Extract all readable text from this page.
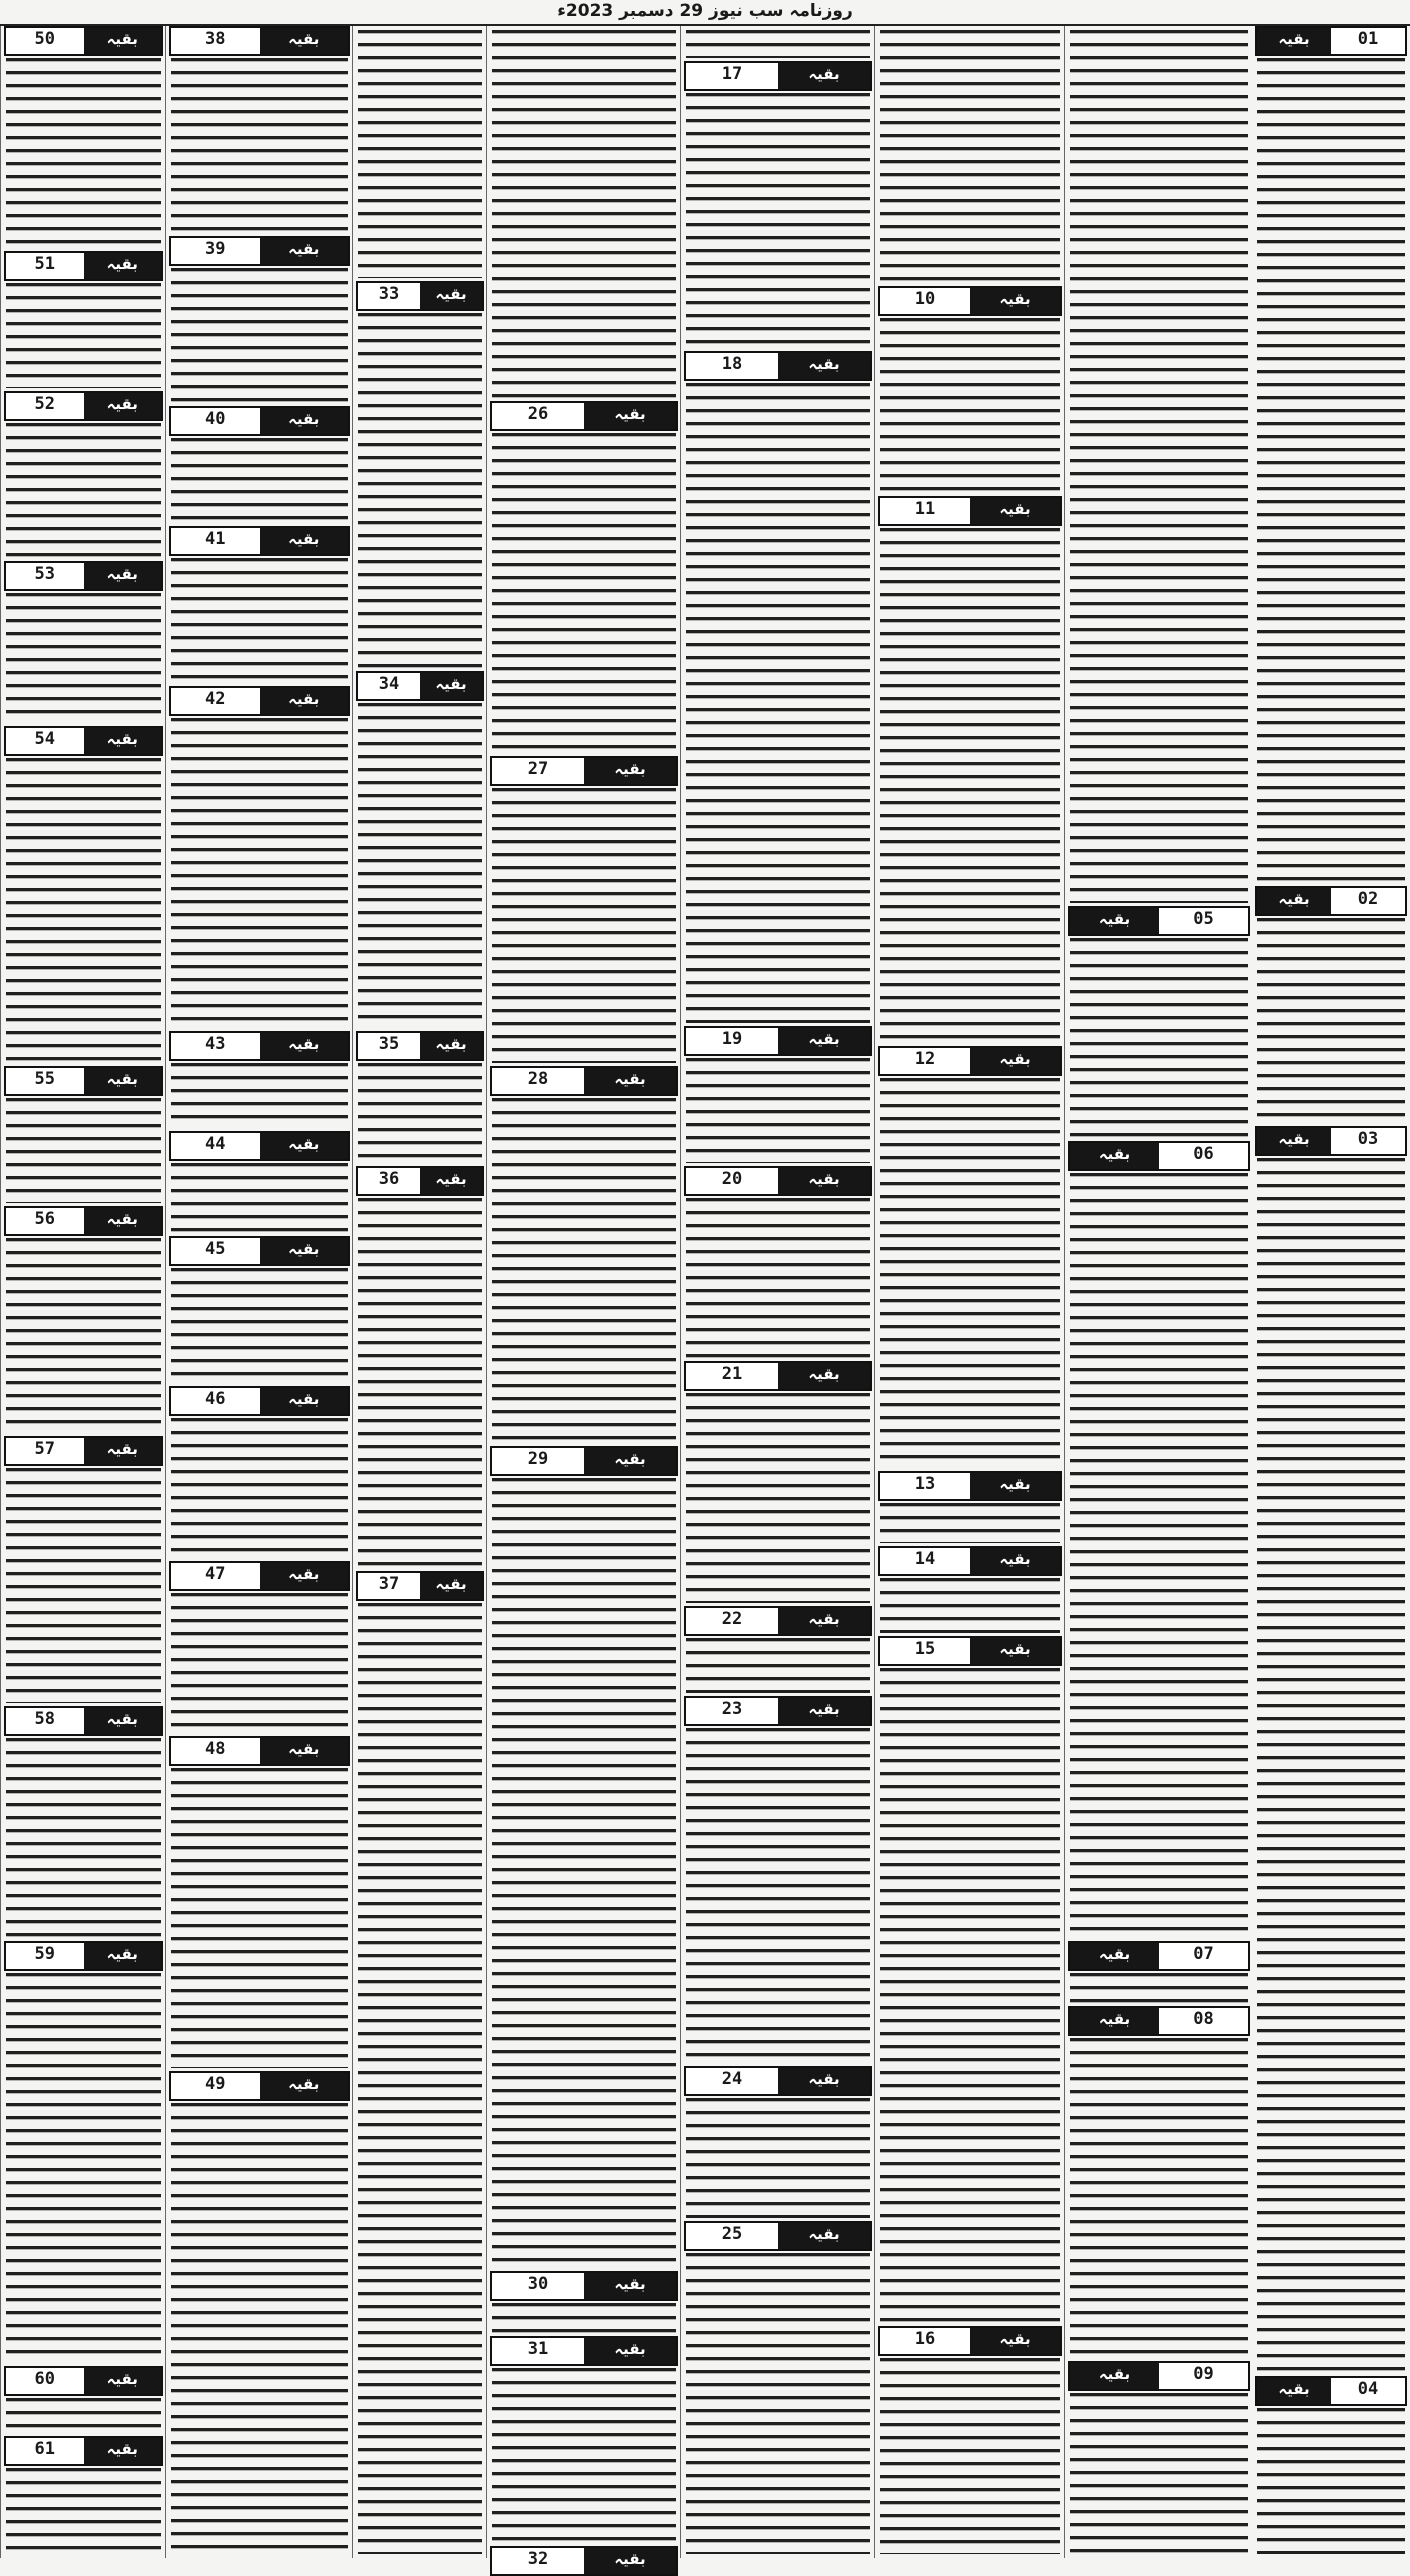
روزنامہ سب نیوز 29 دسمبر 2023ء
بقیہ	01
بقیہ	02
بقیہ	03
بقیہ	04
بقیہ	05
بقیہ	06
بقیہ	07
بقیہ	08
بقیہ	09
بقیہ
10
بقیہ
11
بقیہ
12
بقیہ
13
بقیہ
14
بقیہ
15
بقیہ
16
بقیہ
17
بقیہ
18
بقیہ
19
بقیہ
20
بقیہ
21
بقیہ
22
بقیہ
23
بقیہ
24
بقیہ
25
بقیہ
26
بقیہ
27
بقیہ
28
بقیہ
29
بقیہ
30
بقیہ
31
بقیہ
32
بقیہ
33
بقیہ
34
بقیہ
35
بقیہ
36
بقیہ
37
بقیہ
38
بقیہ
39
بقیہ
40
بقیہ
41
بقیہ
42
بقیہ
43
بقیہ
44
بقیہ
45
بقیہ
46
بقیہ
47
بقیہ
48
بقیہ
49
بقیہ
50
بقیہ
51
بقیہ
52
بقیہ
53
بقیہ
54
بقیہ
55
بقیہ
56
بقیہ
57
بقیہ
58
بقیہ
59
بقیہ
60
بقیہ
61
